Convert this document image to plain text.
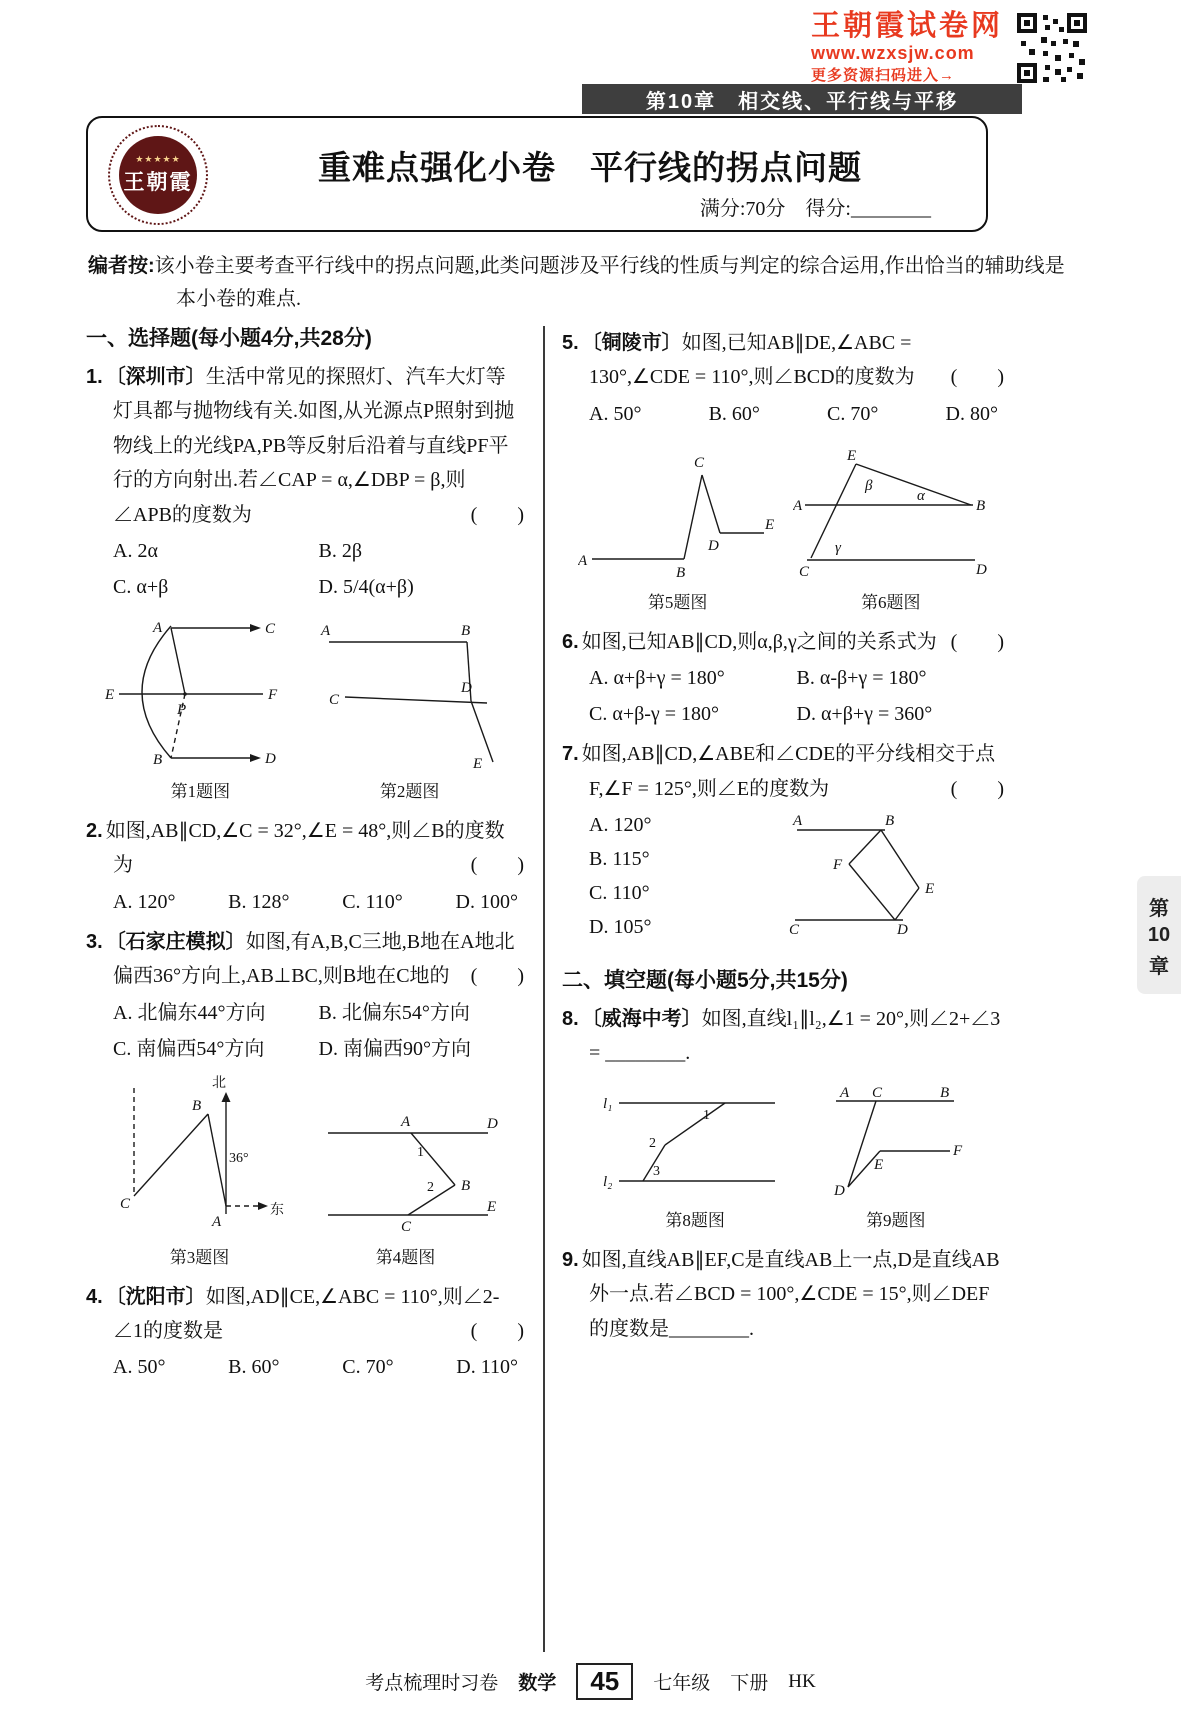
王朝霞试卷网
www.wzxsjw.com
更多资源扫码进入→
第10章　相交线、平行线与平移
★★★★★
王朝霞	重难点强化小卷　平行线的拐点问题
满分:70分　得分:________

编者按:该小卷主要考查平行线中的拐点问题,此类问题涉及平行线的性质与判定的综合运用,作出恰当的辅助线是本小卷的难点.

一、选择题(每小题4分,共28分)

1. 〔深圳市〕生活中常见的探照灯、汽车大灯等灯具都与抛物线有关.如图,从光源点P照射到抛物线上的光线PA,PB等反射后沿着与直线PF平行的方向射出.若∠CAP = α,∠DBP = β,则∠APB的度数为	(　　)

A. 2α	B. 2β
C. α+β	D. 5/4(α+β)
A	C
E	F
P
B	D
第1题图
A	B
C
D
E
第2题图

2. 如图,AB∥CD,∠C = 32°,∠E = 48°,则∠B的度数为	(　　)

A. 120°	B. 128°	C. 110°	D. 100°

3. 〔石家庄模拟〕如图,有A,B,C三地,B地在A地北偏西36°方向上,AB⊥BC,则B地在C地的 (　　)

A. 北偏东44°方向	B. 北偏东54°方向
C. 南偏西54°方向	D. 南偏西90°方向
北
B
36°
C
A
东
第3题图
A	D
1
B
2
C
E
第4题图

4. 〔沈阳市〕如图,AD∥CE,∠ABC = 110°,则∠2-∠1的度数是	(　　)

A. 50°	B. 60°	C. 70°	D. 110°

5. 〔铜陵市〕如图,已知AB∥DE,∠ABC = 130°,∠CDE = 110°,则∠BCD的度数为 (　　)

A. 50°	B. 60°	C. 70°	D. 80°
A
B
C
D
E
第5题图
E
A	B
C	D
β
α
γ
第6题图

6. 如图,已知AB∥CD,则α,β,γ之间的关系式为 (　　)

A. α+β+γ = 180°	B. α-β+γ = 180°
C. α+β-γ = 180°	D. α+β+γ = 360°

7. 如图,AB∥CD,∠ABE和∠CDE的平分线相交于点F,∠F = 125°,则∠E的度数为	(　　)

A. 120°
B. 115°
C. 110°
D. 105°
A	B
F
E
C	D
二、填空题(每小题5分,共15分)

8. 〔威海中考〕如图,直线l₁∥l₂,∠1 = 20°,则∠2+∠3 = ________.

l₁
l₂
1
2
3
第8题图
A C	B
D
E
F
第9题图

9. 如图,直线AB∥EF,C是直线AB上一点,D是直线AB外一点.若∠BCD = 100°,∠CDE = 15°,则∠DEF的度数是________.

第
10
章
考点梳理时习卷 数学	45	七年级 下册 HK
